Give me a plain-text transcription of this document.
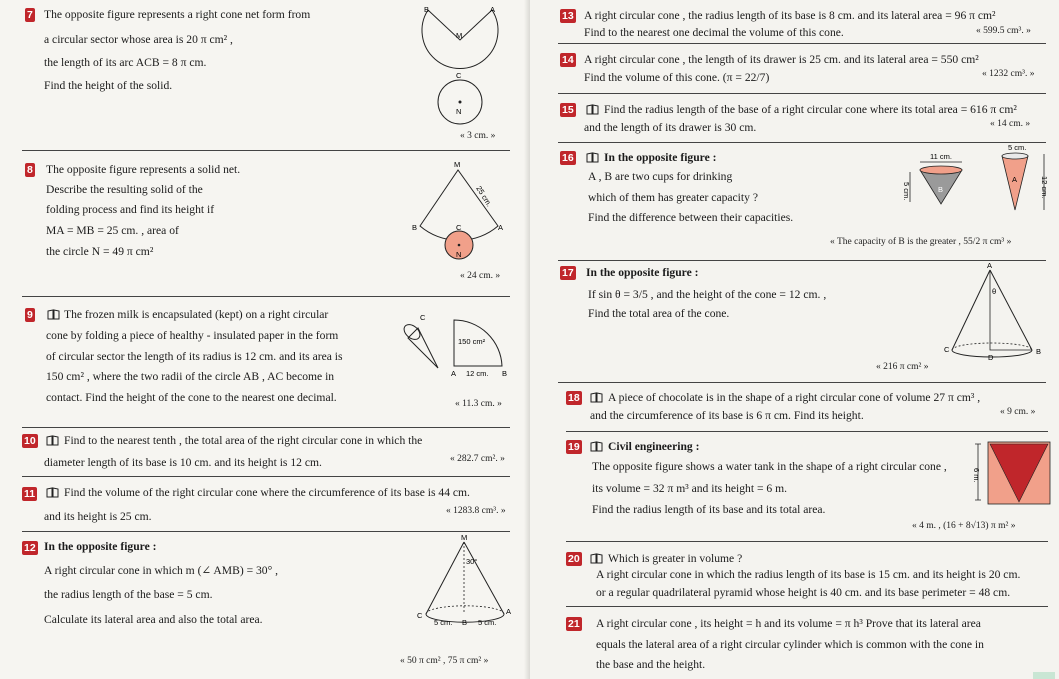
7 The opposite figure represents a right cone net form from
a circular sector whose area is 20 π cm² ,
the length of its arc ACB = 8 π cm.
Find the height of the solid.
B	A
M
C
N
« 3 cm. »
8 The opposite figure represents a solid net.
Describe the resulting solid of the
folding process and find its height if
MA = MB = 25 cm. , area of
the circle N = 49 π cm²
M
25 cm.
B	C	A
N
« 24 cm. »
9	The frozen milk is encapsulated (kept) on a right circular
cone by folding a piece of healthy - insulated paper in the form
of circular sector the length of its radius is 12 cm. and its area is
150 cm² , where the two radii of the circle AB , AC become in
contact. Find the height of the cone to the nearest one decimal.
C
150 cm²
A 12 cm. B
« 11.3 cm. »
10 Find to the nearest tenth , the total area of the right circular cone in which the
diameter length of its base is 10 cm. and its height is 12 cm.	« 282.7 cm². »
11 Find the volume of the right circular cone where the circumference of its base is 44 cm.
and its height is 25 cm.	« 1283.8 cm³. »
12 In the opposite figure :
A right circular cone in which m (∠ AMB) = 30° ,
the radius length of the base = 5 cm.
Calculate its lateral area and also the total area.
M
30°
C	A
B
5 cm.	5 cm.
« 50 π cm² , 75 π cm² »
13 A right circular cone , the radius length of its base is 8 cm. and its lateral area = 96 π cm²
Find to the nearest one decimal the volume of this cone.	« 599.5 cm³. »
14 A right circular cone , the length of its drawer is 25 cm. and its lateral area = 550 cm²
Find the volume of this cone. (π = 22/7)	« 1232 cm³. »
15	Find the radius length of the base of a right circular cone where its total area = 616 π cm²
and the length of its drawer is 30 cm.	« 14 cm. »
16	In the opposite figure :
A , B are two cups for drinking
which of them has greater capacity ?
Find the difference between their capacities.
11 cm.
5 cm.	B
5 cm.
A	12 cm.
« The capacity of B is the greater , 55/2 π cm³ »
17 In the opposite figure :
If sin θ = 3/5 , and the height of the cone = 12 cm. ,
Find the total area of the cone.
A
θ
C
D
B
« 216 π cm² »
18 A piece of chocolate is in the shape of a right circular cone of volume 27 π cm³ ,
and the circumference of its base is 6 π cm. Find its height.	« 9 cm. »
19 Civil engineering :
The opposite figure shows a water tank in the shape of a right circular cone ,
its volume = 32 π m³ and its height = 6 m.
Find the radius length of its base and its total area.
6 m.
« 4 m. , (16 + 8√13) π m² »
20 Which is greater in volume ?
A right circular cone in which the radius length of its base is 15 cm. and its height is 20 cm.
or a regular quadrilateral pyramid whose height is 40 cm. and its base perimeter = 48 cm.
21 A right circular cone , its height = h and its volume = π h³ Prove that its lateral area
equals the lateral area of a right circular cylinder which is common with the cone in
the base and the height.
